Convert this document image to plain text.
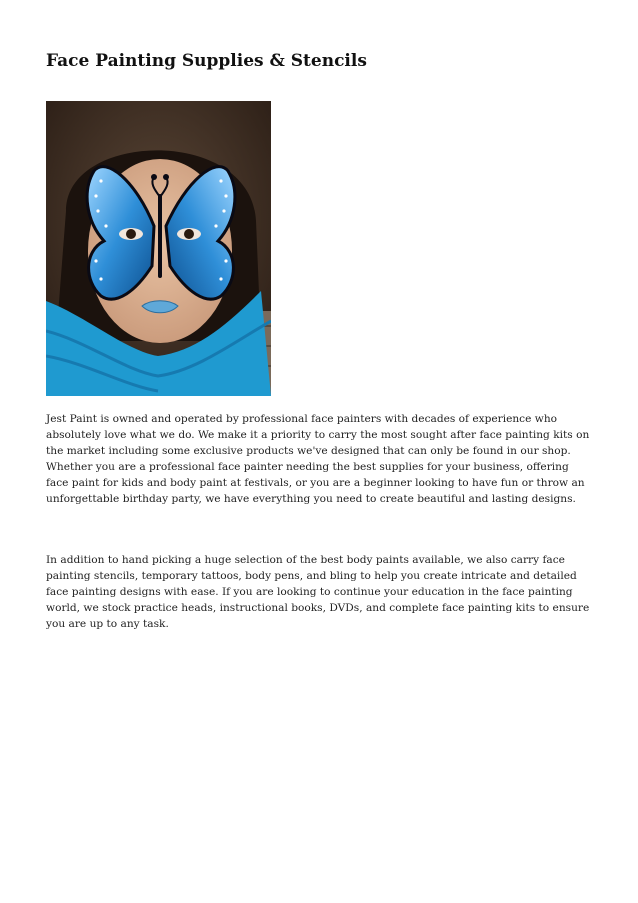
Face Painting Supplies & Stencils

Jest Paint is owned and operated by professional face painters with decades of experience who absolutely love what we do. We make it a priority to carry the most sought after face painting kits on the market including some exclusive products we've designed that can only be found in our shop. Whether you are a professional face painter needing the best supplies for your business, offering face paint for kids and body paint at festivals, or you are a beginner looking to have fun or throw an unforgettable birthday party, we have everything you need to create beautiful and lasting designs.

In addition to hand picking a huge selection of the best body paints available, we also carry face painting stencils, temporary tattoos, body pens, and bling to help you create intricate and detailed face painting designs with ease. If you are looking to continue your education in the face painting world, we stock practice heads, instructional books, DVDs, and complete face painting kits to ensure you are up to any task.
